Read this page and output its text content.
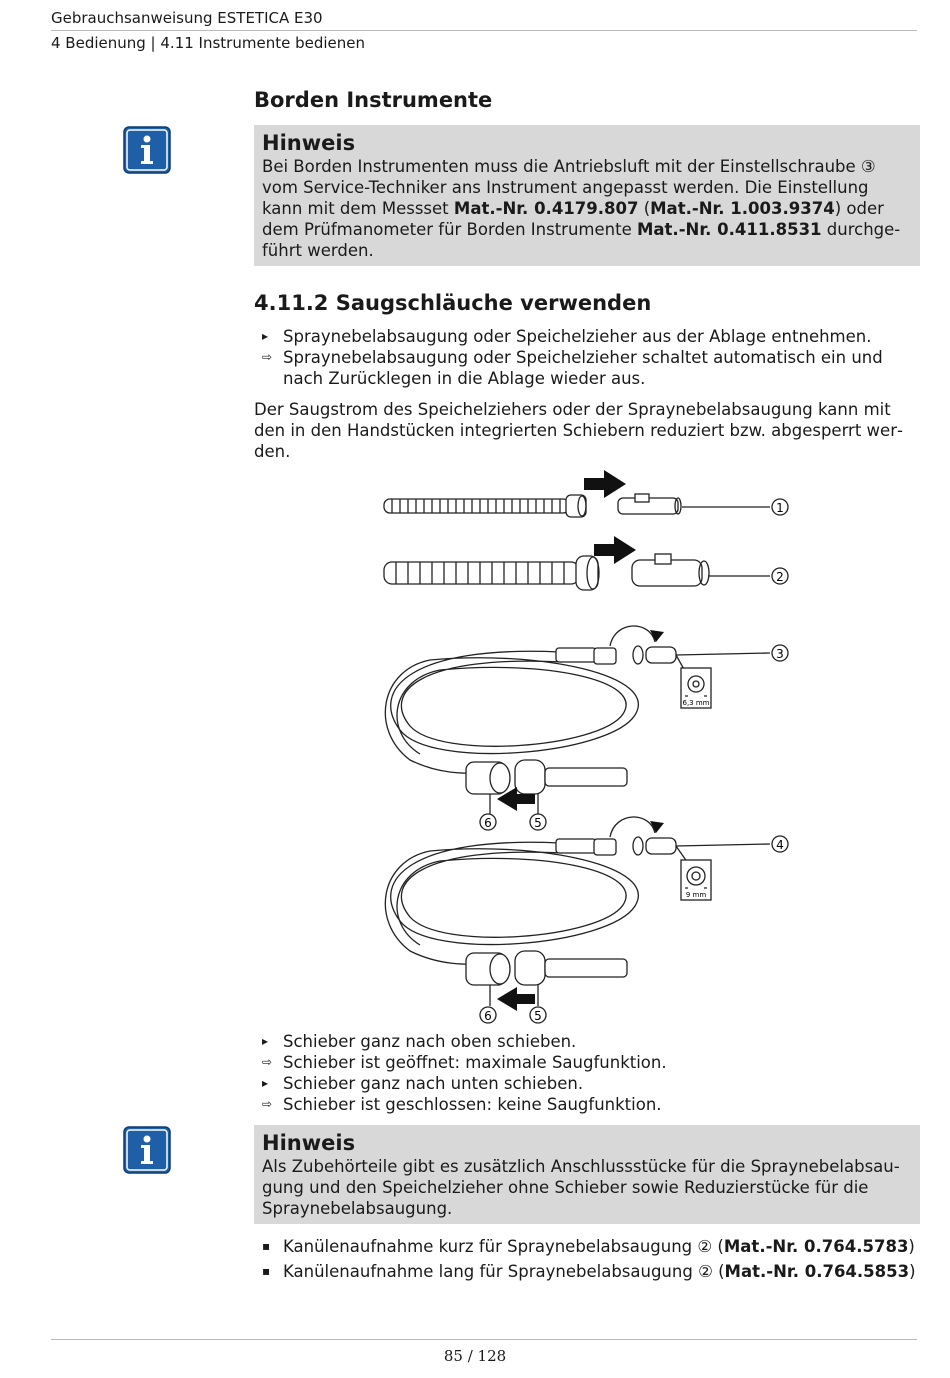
Gebrauchsanweisung ESTETICA E30
4 Bedienung | 4.11 Instrumente bedienen
Borden Instrumente
Hinweis
Bei Borden Instrumenten muss die Antriebsluft mit der Einstellschraube ③ vom Service-Techniker ans Instrument angepasst werden. Die Einstellung kann mit dem Messset Mat.-Nr. 0.4179.807 (Mat.-Nr. 1.003.9374) oder dem Prüfmanometer für Borden Instrumente Mat.-Nr. 0.411.8531 durchgeführt werden.
4.11.2 Saugschläuche verwenden
▸ Spraynebelabsaugung oder Speichelzieher aus der Ablage entnehmen.
⇨ Spraynebelabsaugung oder Speichelzieher schaltet automatisch ein und nach Zurücklegen in die Ablage wieder aus.

Der Saugstrom des Speichelziehers oder der Spraynebelabsaugung kann mit den in den Handstücken integrierten Schiebern reduziert bzw. abgesperrt werden.

1
2
3
4
5
6
5
6
6,3 mm
9 mm
▸ Schieber ganz nach oben schieben.
⇨ Schieber ist geöffnet: maximale Saugfunktion.
▸ Schieber ganz nach unten schieben.
⇨ Schieber ist geschlossen: keine Saugfunktion.
Hinweis
Als Zubehörteile gibt es zusätzlich Anschlussstücke für die Spraynebelabsaugung und den Speichelzieher ohne Schieber sowie Reduzierstücke für die Spraynebelabsaugung.
▪ Kanülenaufnahme kurz für Spraynebelabsaugung ② (Mat.-Nr. 0.764.5783)
▪ Kanülenaufnahme lang für Spraynebelabsaugung ② (Mat.-Nr. 0.764.5853)
85 / 128
